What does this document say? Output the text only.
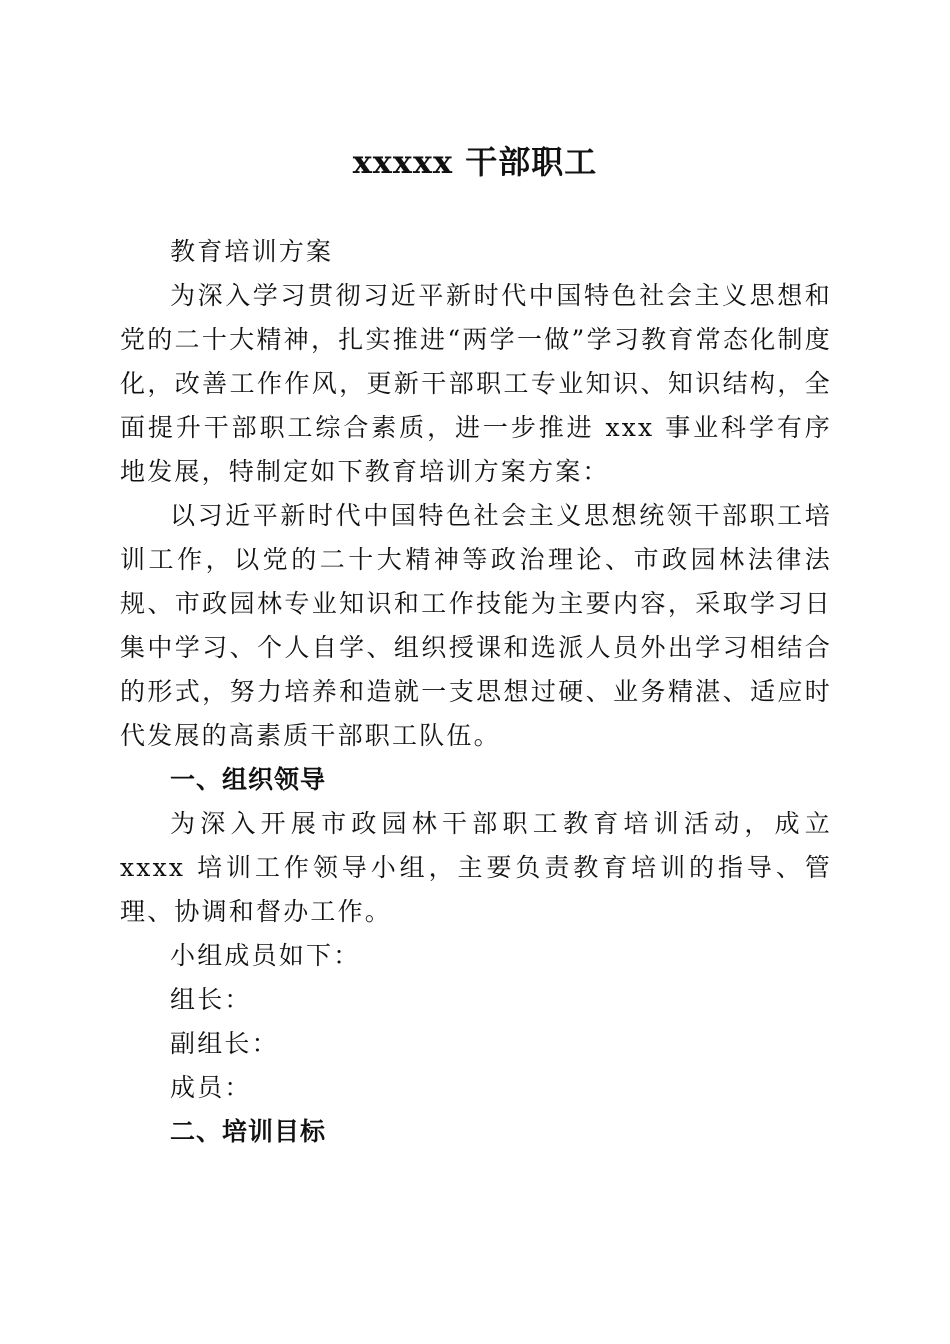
xxxxx 干部职工

教育培训方案

为深入学习贯彻习近平新时代中国特色社会主义思想和党的二十大精神，扎实推进“两学一做”学习教育常态化制度化，改善工作作风，更新干部职工专业知识、知识结构，全面提升干部职工综合素质，进一步推进 xxx 事业科学有序地发展，特制定如下教育培训方案方案：

以习近平新时代中国特色社会主义思想统领干部职工培训工作，以党的二十大精神等政治理论、市政园林法律法规、市政园林专业知识和工作技能为主要内容，采取学习日集中学习、个人自学、组织授课和选派人员外出学习相结合的形式，努力培养和造就一支思想过硬、业务精湛、适应时代发展的高素质干部职工队伍。

一、组织领导

为深入开展市政园林干部职工教育培训活动，成立 xxxx 培训工作领导小组，主要负责教育培训的指导、管理、协调和督办工作。

小组成员如下：

组长：

副组长：

成员：

二、培训目标
